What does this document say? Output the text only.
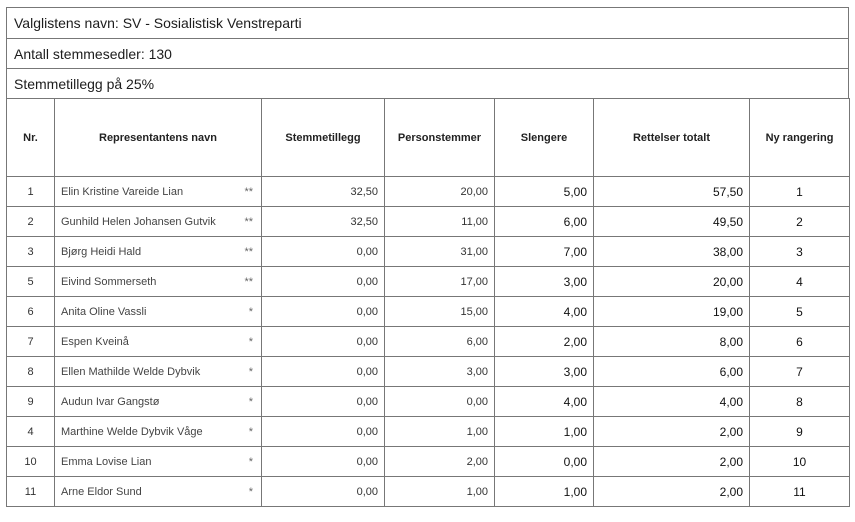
Valglistens navn: SV - Sosialistisk Venstreparti
Antall stemmesedler: 130
Stemmetillegg på 25%
Nr.	Representantens navn	Stemmetillegg	Personstemmer	Slengere	Rettelser totalt	Ny rangering
1	Elin Kristine Vareide Lian **	32,50	20,00	5,00	57,50	1
2	Gunhild Helen Johansen Gutvik **	32,50	11,00	6,00	49,50	2
3	Bjørg Heidi Hald **	0,00	31,00	7,00	38,00	3
5	Eivind Sommerseth **	0,00	17,00	3,00	20,00	4
6	Anita Oline Vassli *	0,00	15,00	4,00	19,00	5
7	Espen Kveinå *	0,00	6,00	2,00	8,00	6
8	Ellen Mathilde Welde Dybvik *	0,00	3,00	3,00	6,00	7
9	Audun Ivar Gangstø *	0,00	0,00	4,00	4,00	8
4	Marthine Welde Dybvik Våge *	0,00	1,00	1,00	2,00	9
10	Emma Lovise Lian *	0,00	2,00	0,00	2,00	10
11	Arne Eldor Sund *	0,00	1,00	1,00	2,00	11
